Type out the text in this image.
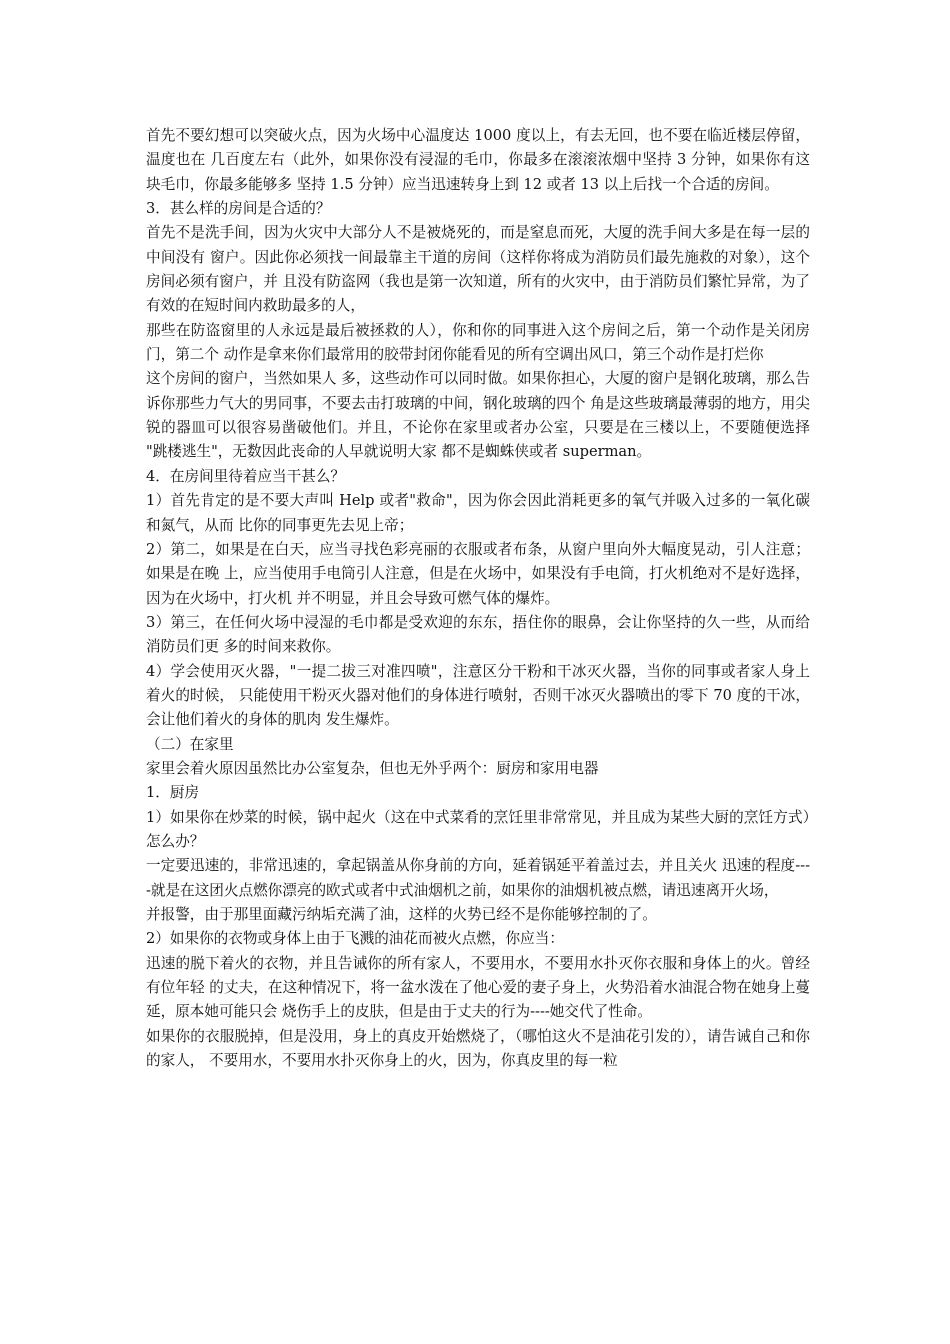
首先不要幻想可以突破火点，因为火场中心温度达 1000 度以上，有去无回，也不要在临近楼层停留，温度也在 几百度左右（此外，如果你没有浸湿的毛巾，你最多在滚滚浓烟中坚持 3 分钟，如果你有这块毛巾，你最多能够多 坚持 1.5 分钟）应当迅速转身上到 12 或者 13 以上后找一个合适的房间。

3．甚么样的房间是合适的？

首先不是洗手间，因为火灾中大部分人不是被烧死的，而是窒息而死，大厦的洗手间大多是在每一层的中间没有 窗户。因此你必须找一间最靠主干道的房间（这样你将成为消防员们最先施救的对象），这个房间必须有窗户，并 且没有防盗网（我也是第一次知道，所有的火灾中，由于消防员们繁忙异常，为了有效的在短时间内救助最多的人，

那些在防盗窗里的人永远是最后被拯救的人），你和你的同事进入这个房间之后，第一个动作是关闭房门，第二个 动作是拿来你们最常用的胶带封闭你能看见的所有空调出风口，第三个动作是打烂你

这个房间的窗户，当然如果人 多，这些动作可以同时做。如果你担心，大厦的窗户是钢化玻璃，那么告诉你那些力气大的男同事，不要去击打玻璃的中间，钢化玻璃的四个 角是这些玻璃最薄弱的地方，用尖锐的器皿可以很容易凿破他们。并且，不论你在家里或者办公室，只要是在三楼以上，不要随便选择 "跳楼逃生"，无数因此丧命的人早就说明大家 都不是蜘蛛侠或者 superman。

4．在房间里待着应当干甚么？

1）首先肯定的是不要大声叫 Help 或者"救命"，因为你会因此消耗更多的氧气并吸入过多的一氧化碳和氮气，从而 比你的同事更先去见上帝；

2）第二，如果是在白天，应当寻找色彩亮丽的衣服或者布条，从窗户里向外大幅度晃动，引人注意；如果是在晚 上，应当使用手电筒引人注意，但是在火场中，如果没有手电筒，打火机绝对不是好选择，因为在火场中，打火机 并不明显，并且会导致可燃气体的爆炸。

3）第三，在任何火场中浸湿的毛巾都是受欢迎的东东，捂住你的眼鼻，会让你坚持的久一些，从而给消防员们更 多的时间来救你。

4）学会使用灭火器，"一提二拔三对准四喷"，注意区分干粉和干冰灭火器，当你的同事或者家人身上着火的时候， 只能使用干粉灭火器对他们的身体进行喷射，否则干冰灭火器喷出的零下 70 度的干冰，会让他们着火的身体的肌肉 发生爆炸。

（二）在家里

家里会着火原因虽然比办公室复杂，但也无外乎两个：厨房和家用电器

1．厨房

1）如果你在炒菜的时候，锅中起火（这在中式菜肴的烹饪里非常常见，并且成为某些大厨的烹饪方式）怎么办？

一定要迅速的，非常迅速的，拿起锅盖从你身前的方向，延着锅延平着盖过去，并且关火 迅速的程度----就是在这团火点燃你漂亮的欧式或者中式油烟机之前，如果你的油烟机被点燃，请迅速离开火场，

并报警，由于那里面藏污纳垢充满了油，这样的火势已经不是你能够控制的了。

2）如果你的衣物或身体上由于飞溅的油花而被火点燃，你应当：

迅速的脱下着火的衣物，并且告诫你的所有家人，不要用水，不要用水扑灭你衣服和身体上的火。曾经有位年轻 的丈夫，在这种情况下，将一盆水泼在了他心爱的妻子身上，火势沿着水油混合物在她身上蔓延，原本她可能只会 烧伤手上的皮肤，但是由于丈夫的行为----她交代了性命。

如果你的衣服脱掉，但是没用，身上的真皮开始燃烧了，（哪怕这火不是油花引发的），请告诫自己和你的家人， 不要用水，不要用水扑灭你身上的火，因为，你真皮里的每一粒
